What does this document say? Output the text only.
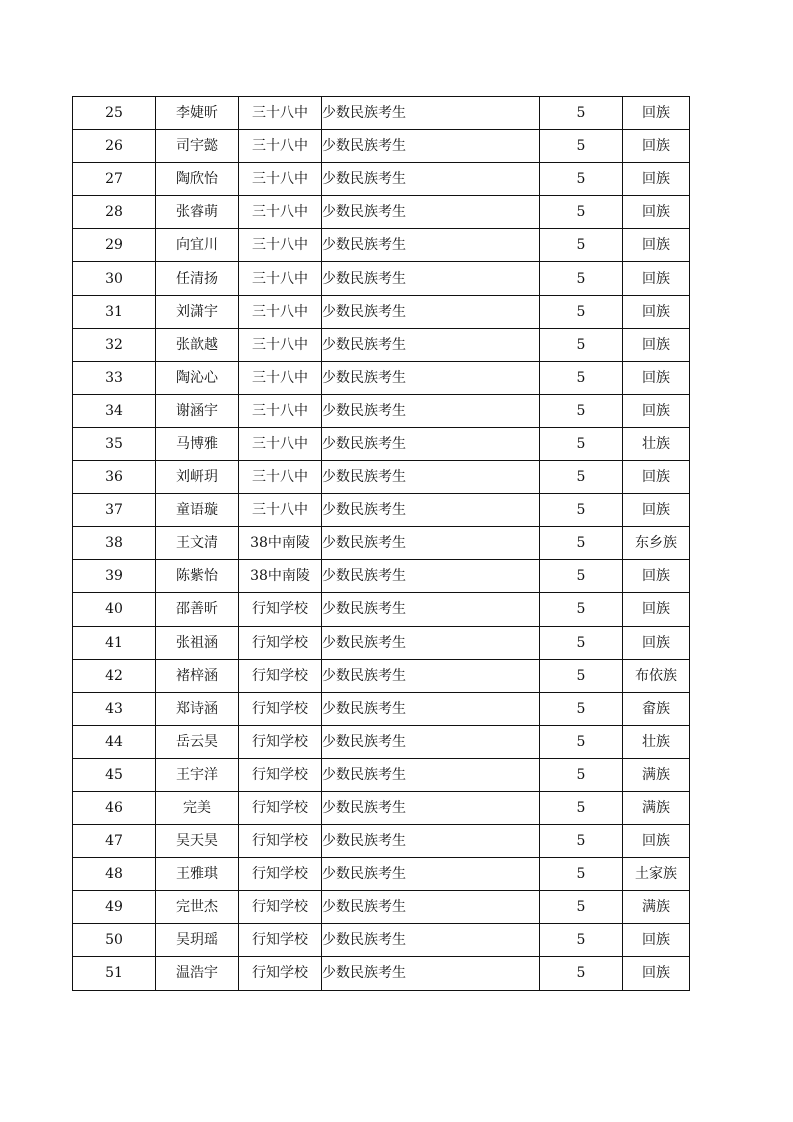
25	李婕昕	三十八中	少数民族考生	5	回族
26	司宇懿	三十八中	少数民族考生	5	回族
27	陶欣怡	三十八中	少数民族考生	5	回族
28	张睿萌	三十八中	少数民族考生	5	回族
29	向宜川	三十八中	少数民族考生	5	回族
30	任清扬	三十八中	少数民族考生	5	回族
31	刘潇宇	三十八中	少数民族考生	5	回族
32	张歆越	三十八中	少数民族考生	5	回族
33	陶沁心	三十八中	少数民族考生	5	回族
34	谢涵宇	三十八中	少数民族考生	5	回族
35	马博雅	三十八中	少数民族考生	5	壮族
36	刘岍玥	三十八中	少数民族考生	5	回族
37	童语璇	三十八中	少数民族考生	5	回族
38	王文清	38中南陵	少数民族考生	5	东乡族
39	陈紫怡	38中南陵	少数民族考生	5	回族
40	邵善昕	行知学校	少数民族考生	5	回族
41	张祖涵	行知学校	少数民族考生	5	回族
42	褚梓涵	行知学校	少数民族考生	5	布依族
43	郑诗涵	行知学校	少数民族考生	5	畲族
44	岳云昊	行知学校	少数民族考生	5	壮族
45	王宇洋	行知学校	少数民族考生	5	满族
46	完美	行知学校	少数民族考生	5	满族
47	吴天昊	行知学校	少数民族考生	5	回族
48	王雅琪	行知学校	少数民族考生	5	土家族
49	完世杰	行知学校	少数民族考生	5	满族
50	吴玥瑶	行知学校	少数民族考生	5	回族
51	温浩宇	行知学校	少数民族考生	5	回族
